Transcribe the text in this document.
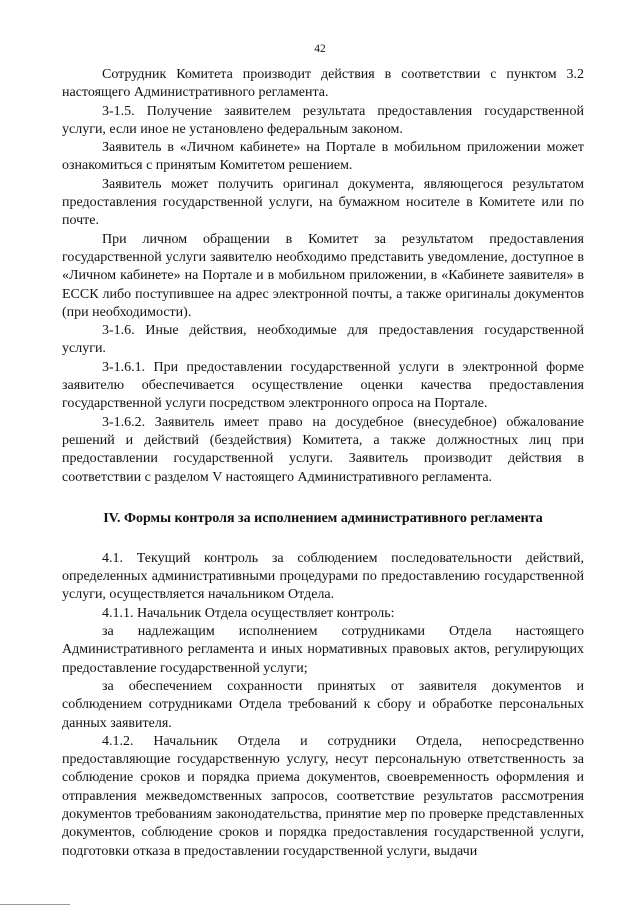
42

Сотрудник Комитета производит действия в соответствии с пунктом 3.2 настоящего Административного регламента.

3-1.5. Получение заявителем результата предоставления государственной услуги, если иное не установлено федеральным законом.

Заявитель в «Личном кабинете» на Портале в мобильном приложении может ознакомиться с принятым Комитетом решением.

Заявитель может получить оригинал документа, являющегося результатом предоставления государственной услуги, на бумажном носителе в Комитете или по почте.

При личном обращении в Комитет за результатом предоставления государственной услуги заявителю необходимо представить уведомление, доступное в «Личном кабинете» на Портале и в мобильном приложении, в «Кабинете заявителя» в ЕССК либо поступившее на адрес электронной почты, а также оригиналы документов (при необходимости).

3-1.6. Иные действия, необходимые для предоставления государственной услуги.

3-1.6.1. При предоставлении государственной услуги в электронной форме заявителю обеспечивается осуществление оценки качества предоставления государственной услуги посредством электронного опроса на Портале.

3-1.6.2. Заявитель имеет право на досудебное (внесудебное) обжалование решений и действий (бездействия) Комитета, а также должностных лиц при предоставлении государственной услуги. Заявитель производит действия в соответствии с разделом V настоящего Административного регламента.

IV. Формы контроля за исполнением административного регламента

4.1. Текущий контроль за соблюдением последовательности действий, определенных административными процедурами по предоставлению государственной услуги, осуществляется начальником Отдела.

4.1.1. Начальник Отдела осуществляет контроль:

за надлежащим исполнением сотрудниками Отдела настоящего Административного регламента и иных нормативных правовых актов, регулирующих предоставление государственной услуги;

за обеспечением сохранности принятых от заявителя документов и соблюдением сотрудниками Отдела требований к сбору и обработке персональных данных заявителя.

4.1.2. Начальник Отдела и сотрудники Отдела, непосредственно предоставляющие государственную услугу, несут персональную ответственность за соблюдение сроков и порядка приема документов, своевременность оформления и отправления межведомственных запросов, соответствие результатов рассмотрения документов требованиям законодательства, принятие мер по проверке представленных документов, соблюдение сроков и порядка предоставления государственной услуги, подготовки отказа в предоставлении государственной услуги, выдачи
